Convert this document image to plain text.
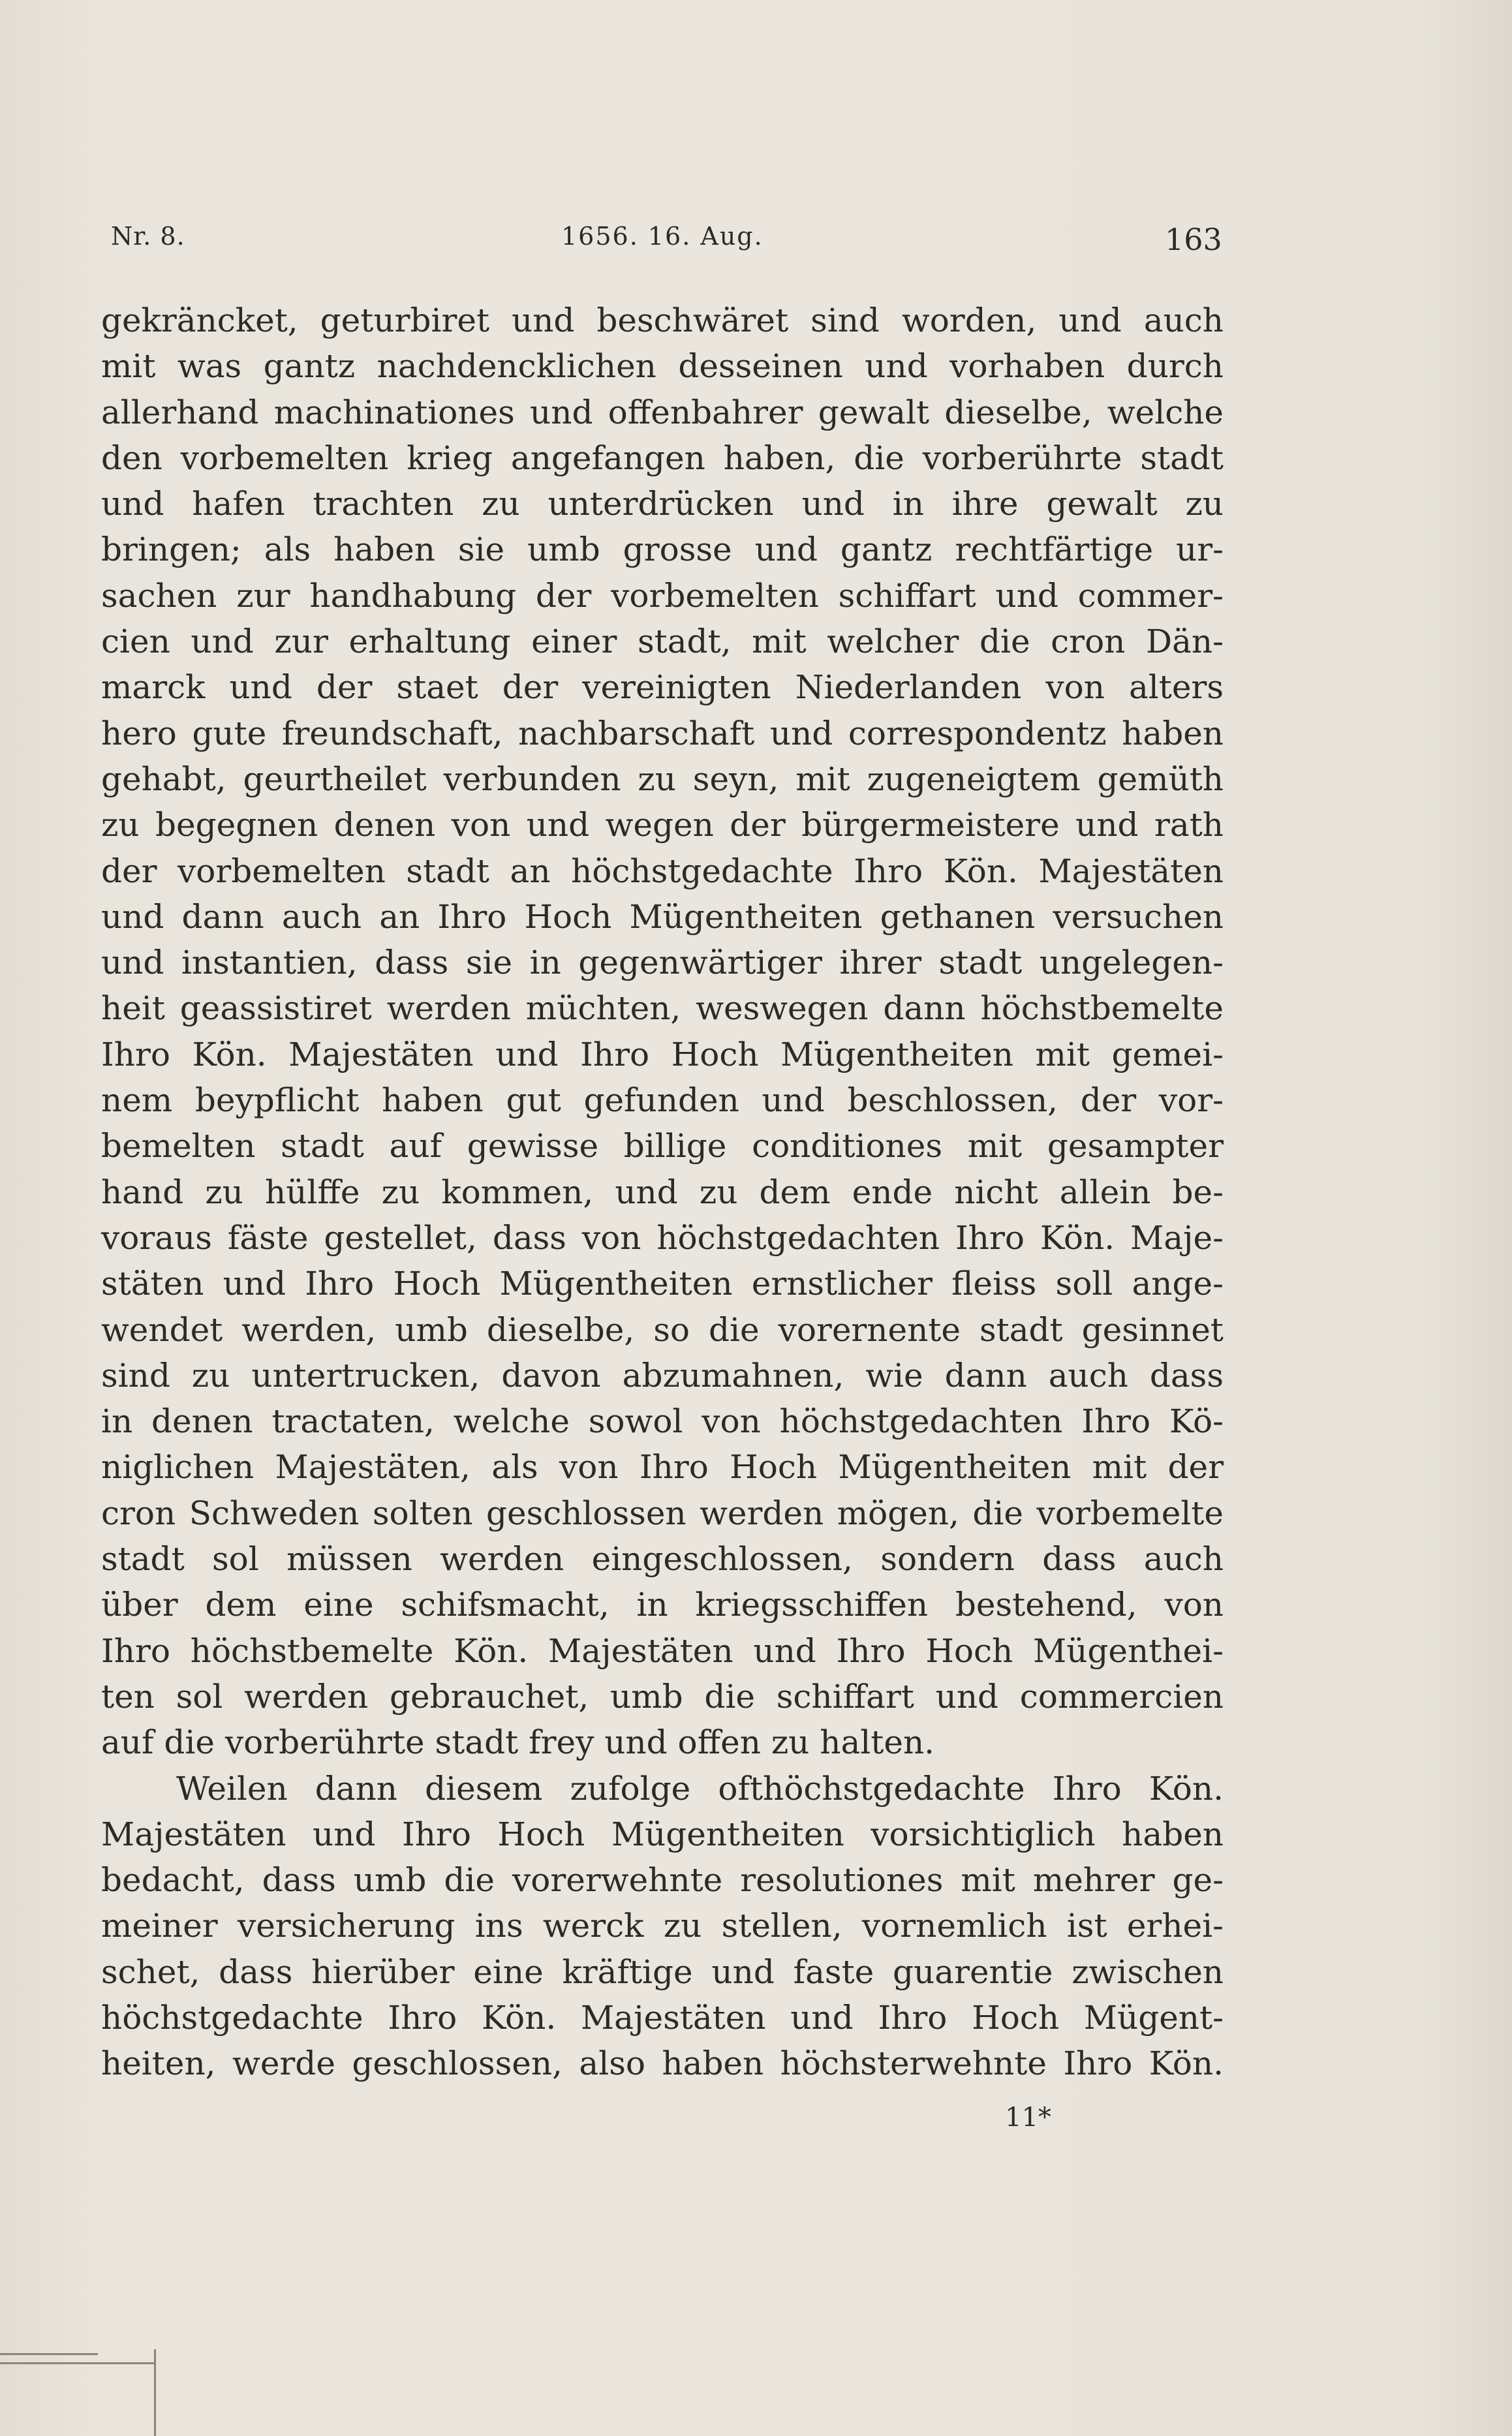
Nr. 8.	1656. 16. Aug.	163
gekräncket, geturbiret und beschwäret sind worden, und auch
mit was gantz nachdencklichen desseinen und vorhaben durch
allerhand machinationes und offenbahrer gewalt dieselbe, welche
den vorbemelten krieg angefangen haben, die vorberührte stadt
und hafen trachten zu unterdrücken und in ihre gewalt zu
bringen; als haben sie umb grosse und gantz rechtfärtige ur-
sachen zur handhabung der vorbemelten schiffart und commer-
cien und zur erhaltung einer stadt, mit welcher die cron Dän-
marck und der staet der vereinigten Niederlanden von alters
hero gute freundschaft, nachbarschaft und correspondentz haben
gehabt, geurtheilet verbunden zu seyn, mit zugeneigtem gemüth
zu begegnen denen von und wegen der bürgermeistere und rath
der vorbemelten stadt an höchstgedachte Ihro Kön. Majestäten
und dann auch an Ihro Hoch Mügentheiten gethanen versuchen
und instantien, dass sie in gegenwärtiger ihrer stadt ungelegen-
heit geassistiret werden müchten, weswegen dann höchstbemelte
Ihro Kön. Majestäten und Ihro Hoch Mügentheiten mit gemei-
nem beypflicht haben gut gefunden und beschlossen, der vor-
bemelten stadt auf gewisse billige conditiones mit gesampter
hand zu hülffe zu kommen, und zu dem ende nicht allein be-
voraus fäste gestellet, dass von höchstgedachten Ihro Kön. Maje-
stäten und Ihro Hoch Mügentheiten ernstlicher fleiss soll ange-
wendet werden, umb dieselbe, so die vorernente stadt gesinnet
sind zu untertrucken, davon abzumahnen, wie dann auch dass
in denen tractaten, welche sowol von höchstgedachten Ihro Kö-
niglichen Majestäten, als von Ihro Hoch Mügentheiten mit der
cron Schweden solten geschlossen werden mögen, die vorbemelte
stadt sol müssen werden eingeschlossen, sondern dass auch
über dem eine schifsmacht, in kriegsschiffen bestehend, von
Ihro höchstbemelte Kön. Majestäten und Ihro Hoch Mügenthei-
ten sol werden gebrauchet, umb die schiffart und commercien
auf die vorberührte stadt frey und offen zu halten.
Weilen dann diesem zufolge ofthöchstgedachte Ihro Kön.
Majestäten und Ihro Hoch Mügentheiten vorsichtiglich haben
bedacht, dass umb die vorerwehnte resolutiones mit mehrer ge-
meiner versicherung ins werck zu stellen, vornemlich ist erhei-
schet, dass hierüber eine kräftige und faste guarentie zwischen
höchstgedachte Ihro Kön. Majestäten und Ihro Hoch Mügent-
heiten, werde geschlossen, also haben höchsterwehnte Ihro Kön.
11*
